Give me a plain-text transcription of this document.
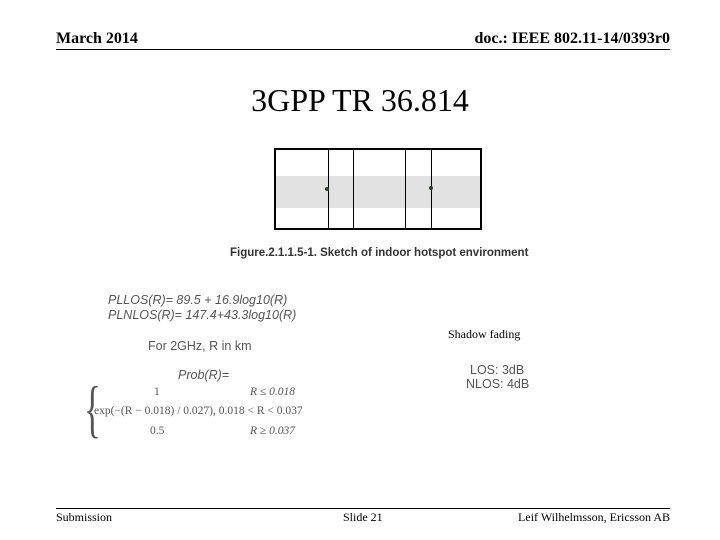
March 2014	doc.: IEEE 802.11-14/0393r0
3GPP TR 36.814
Figure.2.1.1.5-1. Sketch of indoor hotspot environment
PLLOS(R)= 89.5 + 16.9log10(R)
PLNLOS(R)= 147.4+43.3log10(R)
For 2GHz, R in km
Prob(R)=
{	1	R ≤ 0.018
exp(−(R − 0.018) / 0.027), 0.018 < R < 0.037
0.5	R ≥ 0.037
Shadow fading
LOS: 3dB
NLOS: 4dB
Submission	Slide 21	Leif Wilhelmsson, Ericsson AB
